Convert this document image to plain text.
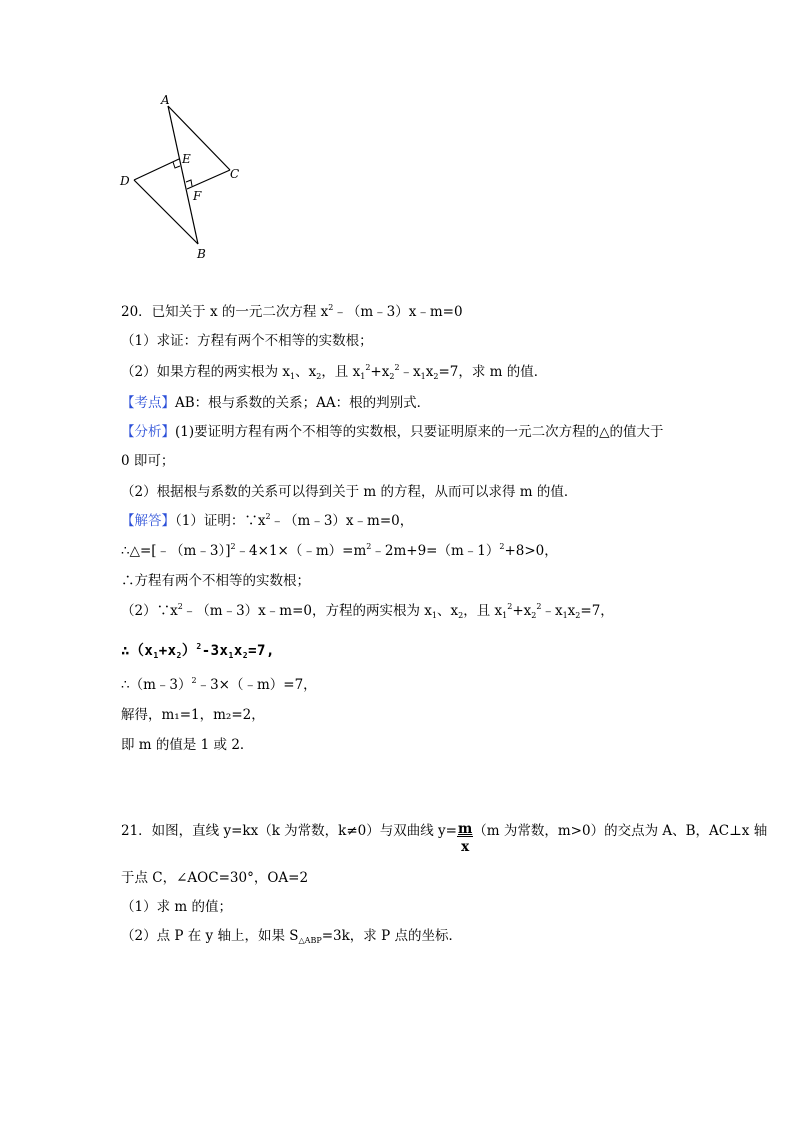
A
E
C
D
F
B
20．已知关于 x 的一元二次方程 $x^2﹣(m﹣3)x﹣m=0$
（1）求证：方程有两个不相等的实数根；
（2）如果方程的两实根为 $x_1$、$x_2$，且 $x_1^2+x_2^2﹣x_1x_2=7$，求 m 的值．
【考点】AB：根与系数的关系；AA：根的判别式．
【分析】(1)要证明方程有两个不相等的实数根，只要证明原来的一元二次方程的△的值大于
0 即可；
（2）根据根与系数的关系可以得到关于 m 的方程，从而可以求得 m 的值．
【解答】（1）证明：$\because x^2﹣(m﹣3)x﹣m=0$，
$\therefore\triangle=[﹣(m﹣3)]^2﹣4\times 1\times(﹣m)=m^2﹣2m+9=(m﹣1)^2+8>0$，
∴方程有两个不相等的实数根；
$(2)\because x^2﹣(m﹣3)x﹣m=0$，方程的两实根为 $x_1$、$x_2$，且 $x_1^2+x_2^2﹣x_1x_2=7$，
$\therefore(x_1+x_2)^2-3x_1x_2=7$,
∴（m﹣3）$^2$﹣3×（﹣m）=7，
解得，m₁=1，m₂=2，
即 m 的值是 1 或 2．
21．如图，直线 y=kx（k 为常数，k≠0）与双曲线 $y= \frac{m}{x} (m$ 为常数，m>0）的交点为 A、B，AC⊥x 轴
于点 C，∠AOC=30°，OA=2
（1）求 m 的值；
（2）点 P 在 y 轴上，如果 $S_{\triangle ABP}=3k$，求 P 点的坐标．
